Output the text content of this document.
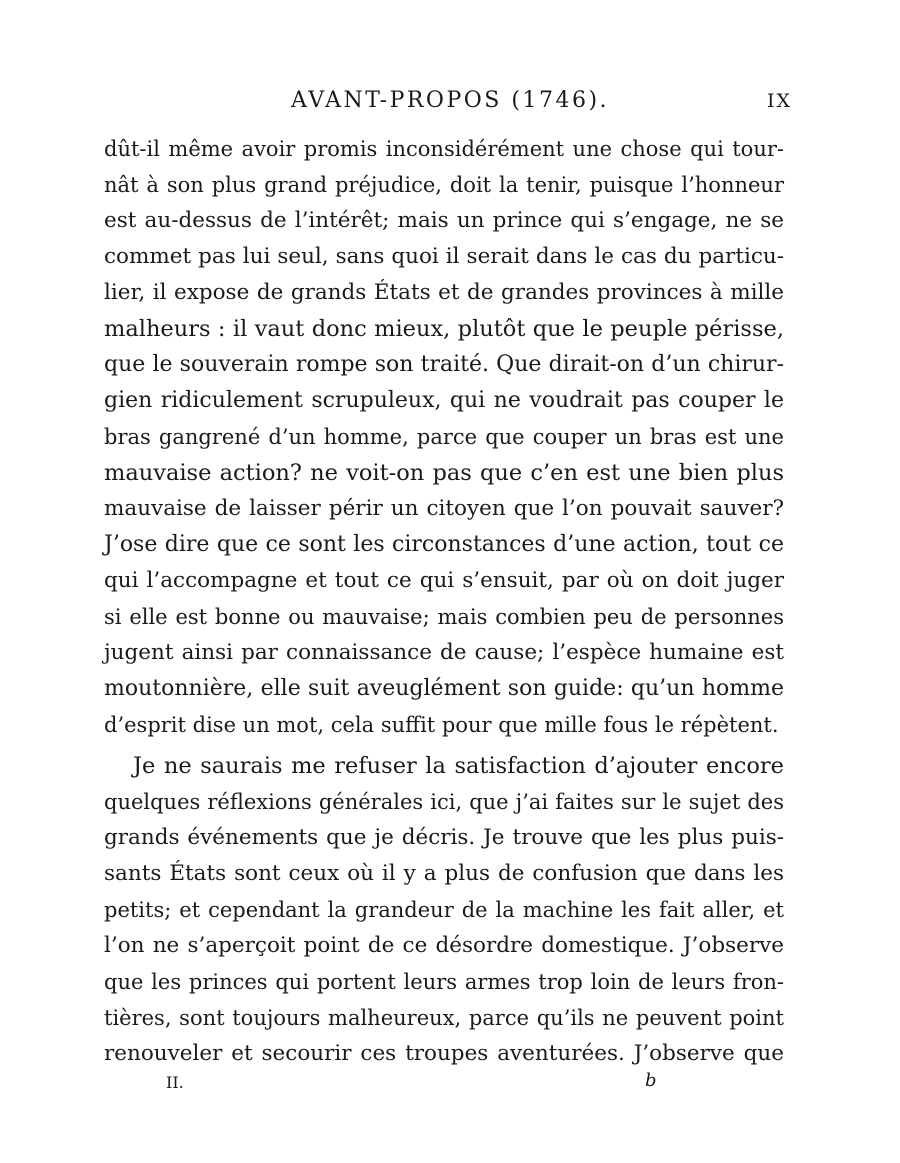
AVANT-PROPOS (1746).	IX
dût-il même avoir promis inconsidérément une chose qui tour-
nât à son plus grand préjudice, doit la tenir, puisque l’honneur
est au-dessus de l’intérêt; mais un prince qui s’engage, ne se
commet pas lui seul, sans quoi il serait dans le cas du particu-
lier, il expose de grands États et de grandes provinces à mille
malheurs : il vaut donc mieux, plutôt que le peuple périsse,
que le souverain rompe son traité. Que dirait-on d’un chirur-
gien ridiculement scrupuleux, qui ne voudrait pas couper le
bras gangrené d’un homme, parce que couper un bras est une
mauvaise action? ne voit-on pas que c’en est une bien plus
mauvaise de laisser périr un citoyen que l’on pouvait sauver?
J’ose dire que ce sont les circonstances d’une action, tout ce
qui l’accompagne et tout ce qui s’ensuit, par où on doit juger
si elle est bonne ou mauvaise; mais combien peu de personnes
jugent ainsi par connaissance de cause; l’espèce humaine est
moutonnière, elle suit aveuglément son guide: qu’un homme
d’esprit dise un mot, cela suffit pour que mille fous le répètent.
Je ne saurais me refuser la satisfaction d’ajouter encore
quelques réflexions générales ici, que j’ai faites sur le sujet des
grands événements que je décris. Je trouve que les plus puis-
sants États sont ceux où il y a plus de confusion que dans les
petits; et cependant la grandeur de la machine les fait aller, et
l’on ne s’aperçoit point de ce désordre domestique. J’observe
que les princes qui portent leurs armes trop loin de leurs fron-
tières, sont toujours malheureux, parce qu’ils ne peuvent point
renouveler et secourir ces troupes aventurées. J’observe que
II.	b
